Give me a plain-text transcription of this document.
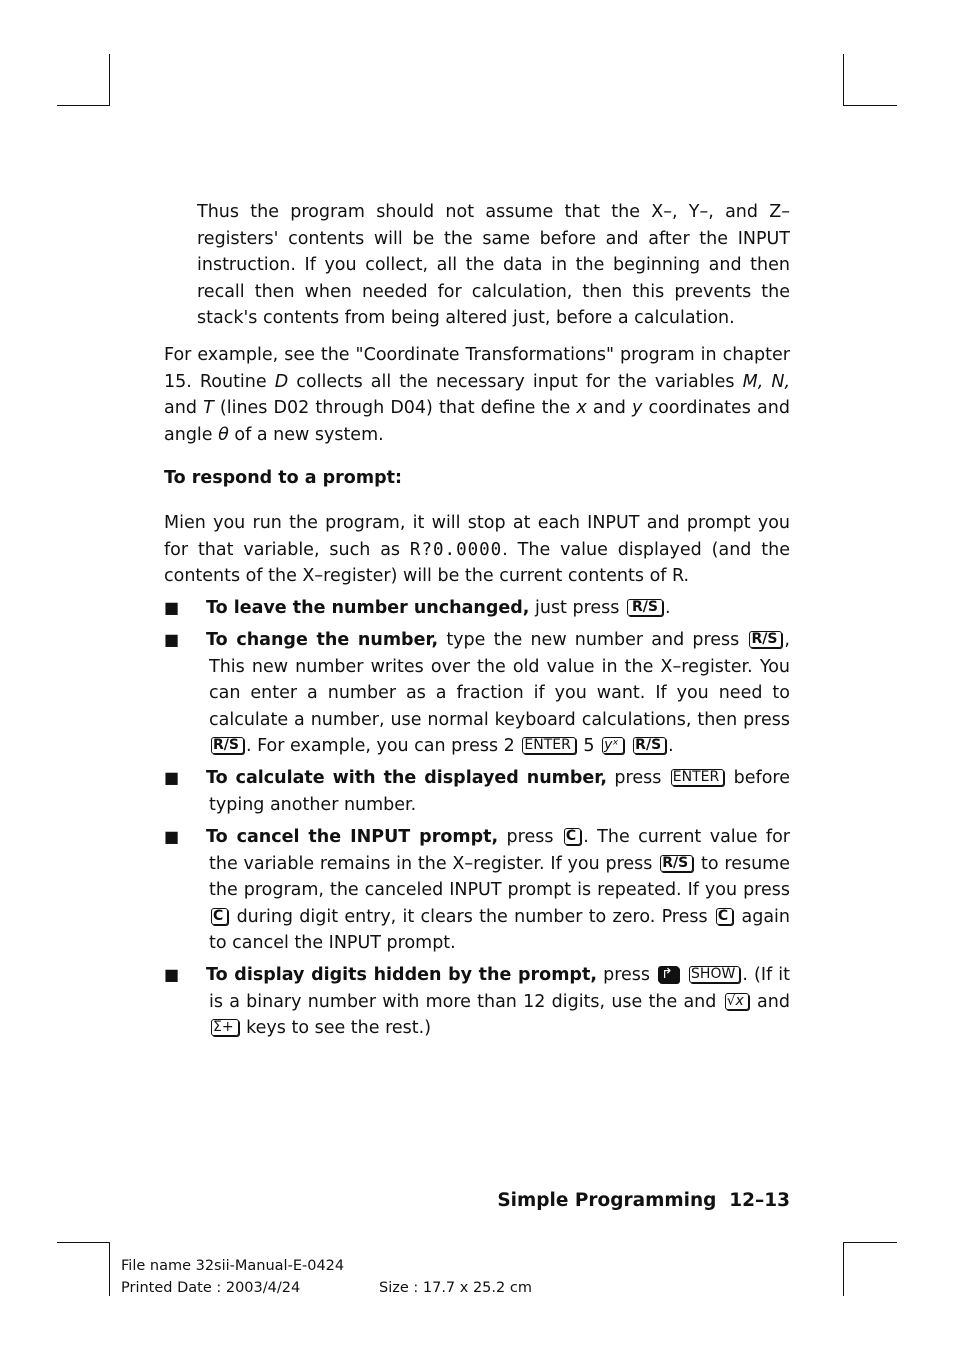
Thus the program should not assume that the X–, Y–, and Z–registers' contents will be the same before and after the INPUT instruction. If you collect, all the data in the beginning and then recall then when needed for calculation, then this prevents the stack's contents from being altered just, before a calculation.
For example, see the "Coordinate Transformations" program in chapter 15. Routine D collects all the necessary input for the variables M, N, and T (lines D02 through D04) that define the x and y coordinates and angle θ of a new system.
To respond to a prompt:
Mien you run the program, it will stop at each INPUT and prompt you for that variable, such as R?0.0000. The value displayed (and the contents of the X–register) will be the current contents of R.
■ To leave the number unchanged, just press R/S .
■ To change the number, type the new number and press R/S , This new number writes over the old value in the X–register. You can enter a number as a fraction if you want. If you need to calculate a number, use normal keyboard calculations, then press R/S . For example, you can press 2 ENTER 5 yˣ R/S .
■ To calculate with the displayed number, press ENTER before typing another number.
■ To cancel the INPUT prompt, press C . The current value for the variable remains in the X–register. If you press R/S to resume the program, the canceled INPUT prompt is repeated. If you press C during digit entry, it clears the number to zero. Press C again to cancel the INPUT prompt.
■ To display digits hidden by the prompt, press ↱ SHOW . (If it is a binary number with more than 12 digits, use the and √x and Σ+ keys to see the rest.)
Simple Programming  12–13
File name 32sii-Manual-E-0424
Printed Date : 2003/4/24	Size : 17.7 x 25.2 cm
